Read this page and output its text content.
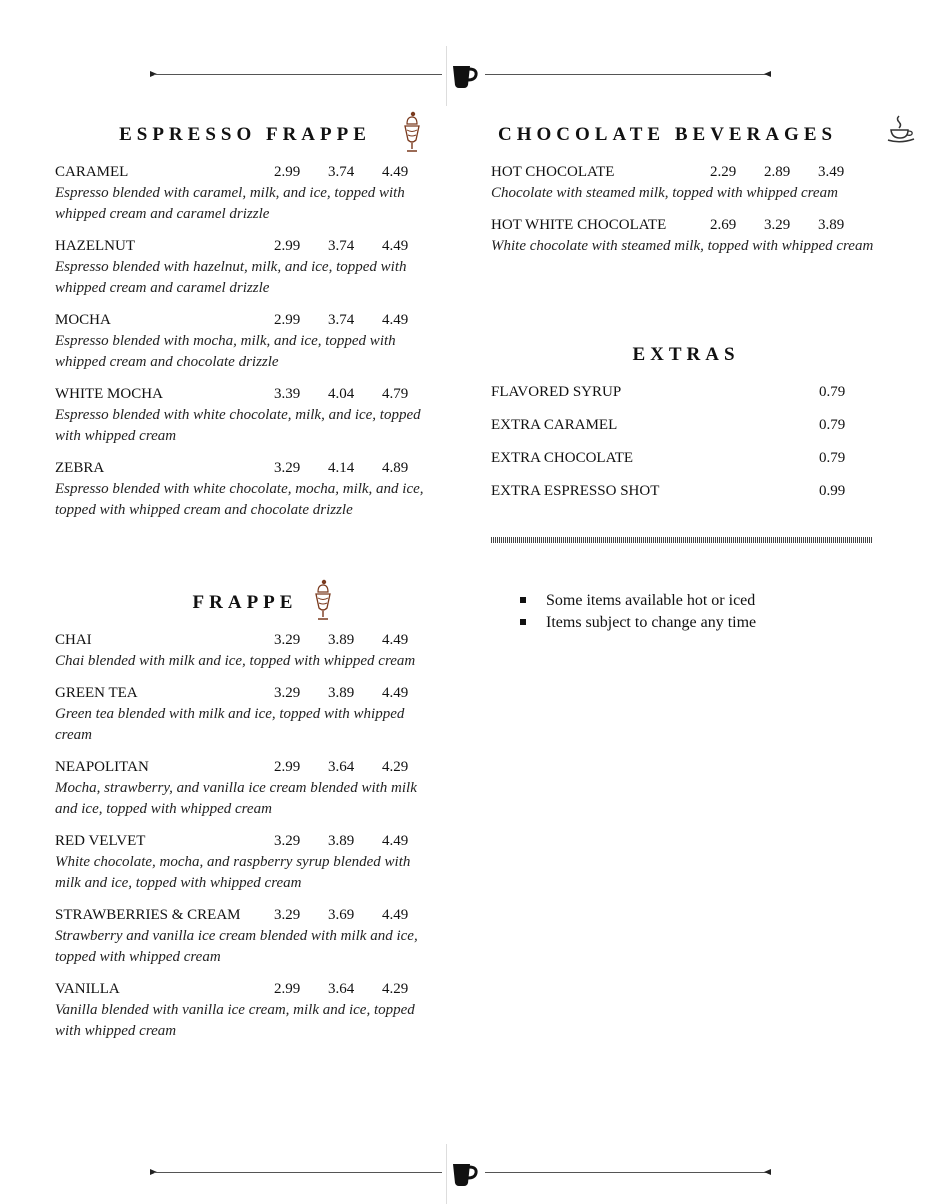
ESPRESSO FRAPPE
CARAMEL	2.99 3.74 4.49
Espresso blended with caramel, milk, and ice, topped with whipped cream and caramel drizzle
HAZELNUT	2.99 3.74 4.49
Espresso blended with hazelnut, milk, and ice, topped with whipped cream and caramel drizzle
MOCHA	2.99 3.74 4.49
Espresso blended with mocha, milk, and ice, topped with whipped cream and chocolate drizzle
WHITE MOCHA	3.39 4.04 4.79
Espresso blended with white chocolate, milk, and ice, topped with whipped cream
ZEBRA	3.29 4.14 4.89
Espresso blended with white chocolate, mocha, milk, and ice, topped with whipped cream and chocolate drizzle
FRAPPE
CHAI	3.29 3.89 4.49
Chai blended with milk and ice, topped with whipped cream
GREEN TEA	3.29 3.89 4.49
Green tea blended with milk and ice, topped with whipped cream
NEAPOLITAN	2.99 3.64 4.29
Mocha, strawberry, and vanilla ice cream blended with milk and ice, topped with whipped cream
RED VELVET	3.29 3.89 4.49
White chocolate, mocha, and raspberry syrup blended with milk and ice, topped with whipped cream
STRAWBERRIES & CREAM 3.29 3.69 4.49
Strawberry and vanilla ice cream blended with milk and ice, topped with whipped cream
VANILLA	2.99 3.64 4.29
Vanilla blended with vanilla ice cream, milk and ice, topped with whipped cream
CHOCOLATE BEVERAGES
HOT CHOCOLATE	2.29 2.89 3.49
Chocolate with steamed milk, topped with whipped cream
HOT WHITE CHOCOLATE	2.69 3.29 3.89
White chocolate with steamed milk, topped with whipped cream
EXTRAS
FLAVORED SYRUP	0.79
EXTRA CARAMEL	0.79
EXTRA CHOCOLATE	0.79
EXTRA ESPRESSO SHOT	0.99
Some items available hot or iced
Items subject to change any time
